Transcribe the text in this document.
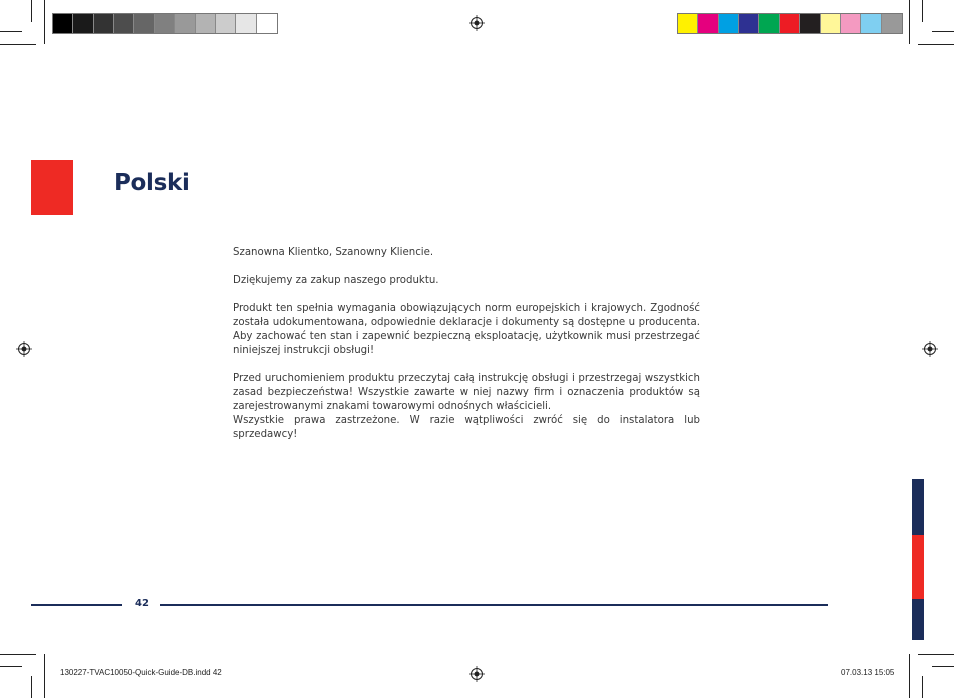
Polski

Szanowna Klientko, Szanowny Kliencie.

Dziękujemy za zakup naszego produktu.

Produkt ten spełnia wymagania obowiązujących norm europejskich i krajowych. Zgodność została udokumentowana, odpowiednie deklaracje i dokumenty są dostępne u producenta. Aby zachować ten stan i zapewnić bezpieczną eksploatację, użytkownik musi przestrzegać niniejszej instrukcji obsługi!

Przed uruchomieniem produktu przeczytaj całą instrukcję obsługi i przestrzegaj wszystkich zasad bezpieczeństwa! Wszystkie zawarte w niej nazwy firm i oznaczenia produktów są zarejestrowanymi znakami towarowymi odnośnych właścicieli.

Wszystkie prawa zastrzeżone. W razie wątpliwości zwróć się do instalatora lub sprzedawcy!

42
130227-TVAC10050-Quick-Guide-DB.indd 42	07.03.13 15:05
